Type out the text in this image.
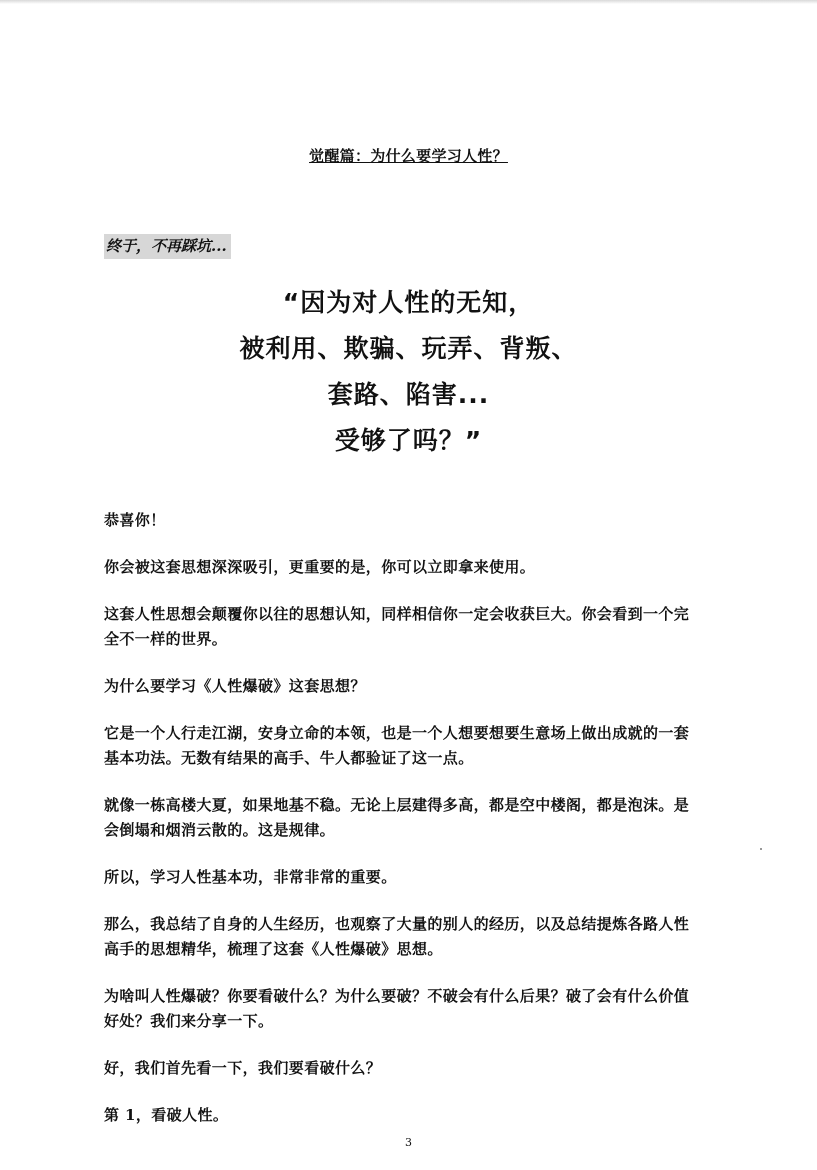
觉醒篇：为什么要学习人性？
终于，不再踩坑...
“因为对人性的无知，
被利用、欺骗、玩弄、背叛、
套路、陷害...
受够了吗？”

恭喜你！

你会被这套思想深深吸引，更重要的是，你可以立即拿来使用。

这套人性思想会颠覆你以往的思想认知，同样相信你一定会收获巨大。你会看到一个完全不一样的世界。

为什么要学习《人性爆破》这套思想？

它是一个人行走江湖，安身立命的本领，也是一个人想要想要生意场上做出成就的一套基本功法。无数有结果的高手、牛人都验证了这一点。

就像一栋高楼大夏，如果地基不稳。无论上层建得多高，都是空中楼阁，都是泡沫。是会倒塌和烟消云散的。这是规律。

所以，学习人性基本功，非常非常的重要。

那么，我总结了自身的人生经历，也观察了大量的别人的经历，以及总结提炼各路人性高手的思想精华，梳理了这套《人性爆破》思想。

为啥叫人性爆破？你要看破什么？为什么要破？不破会有什么后果？破了会有什么价值好处？我们来分享一下。

好，我们首先看一下，我们要看破什么？

第 1，看破人性。

3
